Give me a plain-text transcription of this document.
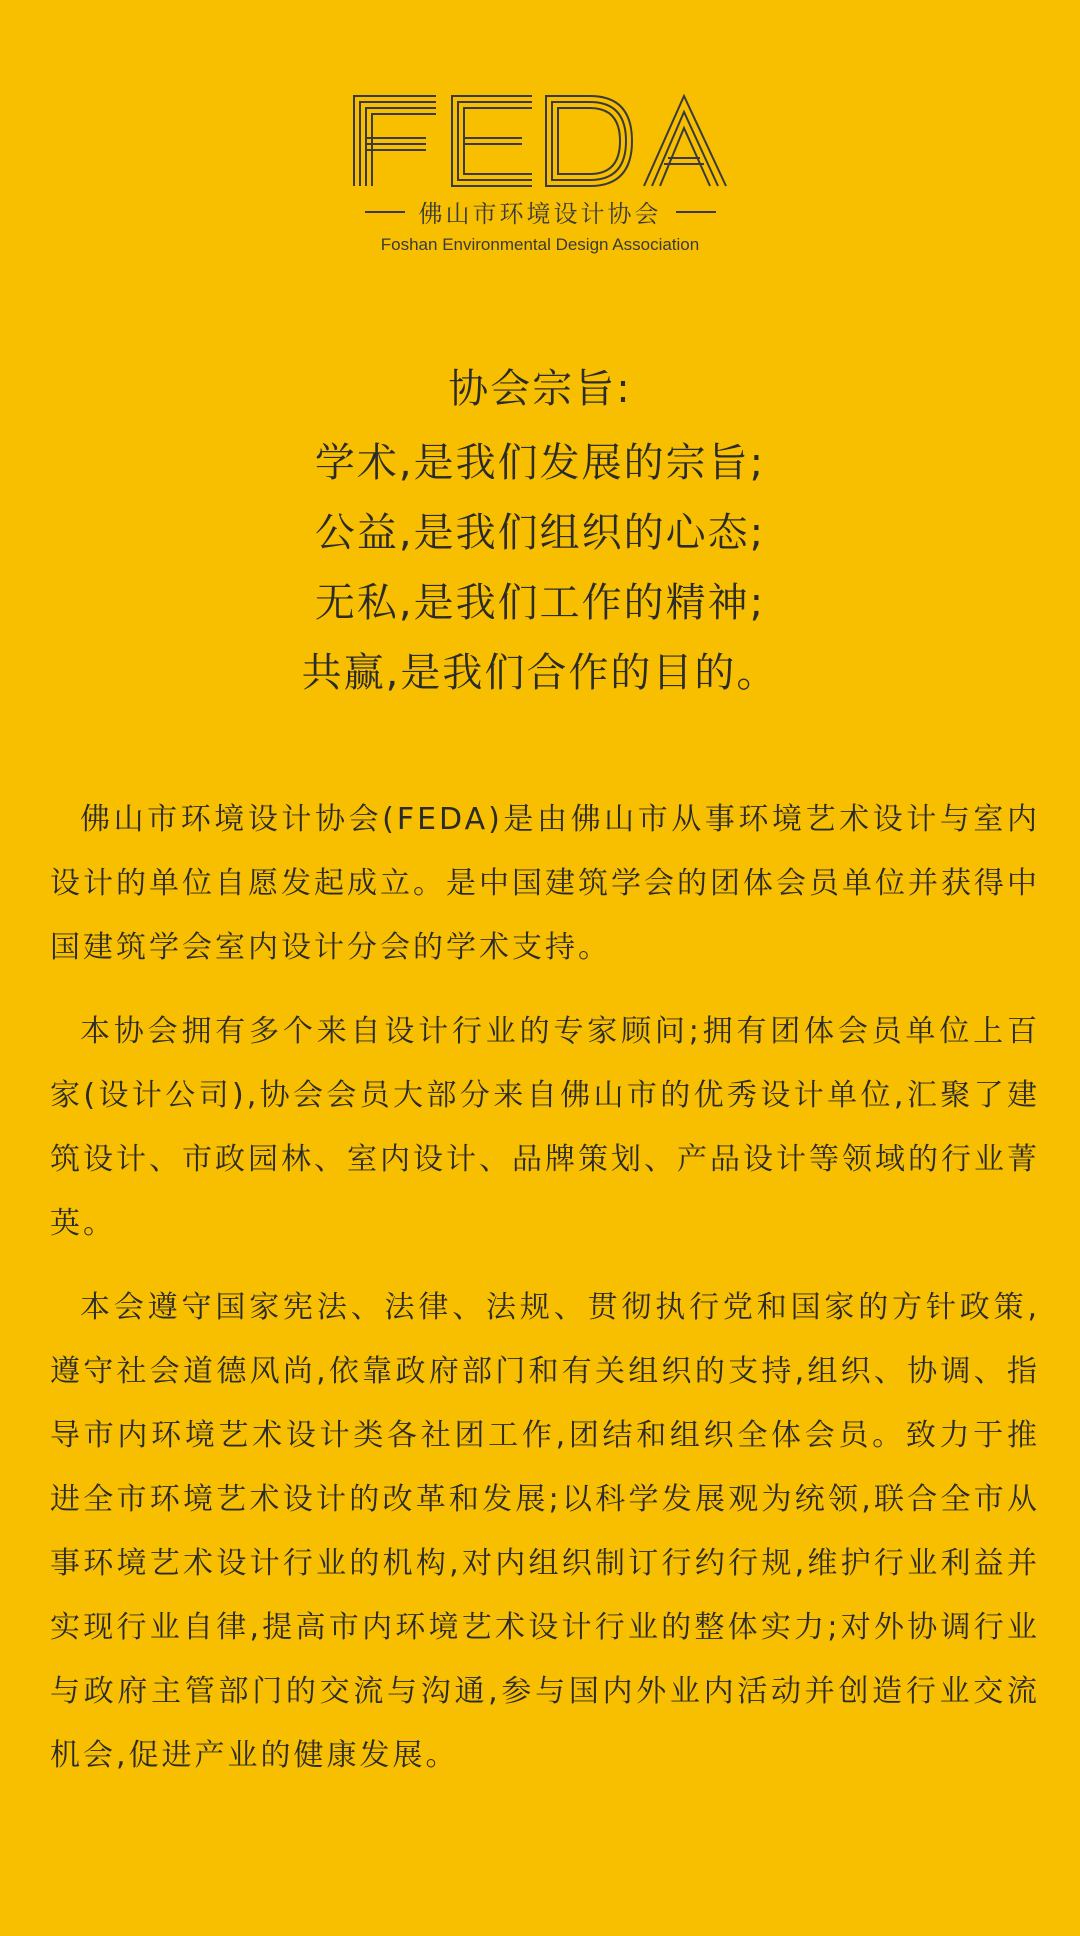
佛山市环境设计协会
Foshan Environmental Design Association
协会宗旨:
学术,是我们发展的宗旨;
公益,是我们组织的心态;
无私,是我们工作的精神;
共赢,是我们合作的目的。

佛山市环境设计协会(FEDA)是由佛山市从事环境艺术设计与室内设计的单位自愿发起成立。是中国建筑学会的团体会员单位并获得中国建筑学会室内设计分会的学术支持。

本协会拥有多个来自设计行业的专家顾问;拥有团体会员单位上百家(设计公司),协会会员大部分来自佛山市的优秀设计单位,汇聚了建筑设计、市政园林、室内设计、品牌策划、产品设计等领域的行业菁英。

本会遵守国家宪法、法律、法规、贯彻执行党和国家的方针政策,遵守社会道德风尚,依靠政府部门和有关组织的支持,组织、协调、指导市内环境艺术设计类各社团工作,团结和组织全体会员。致力于推进全市环境艺术设计的改革和发展;以科学发展观为统领,联合全市从事环境艺术设计行业的机构,对内组织制订行约行规,维护行业利益并实现行业自律,提高市内环境艺术设计行业的整体实力;对外协调行业与政府主管部门的交流与沟通,参与国内外业内活动并创造行业交流机会,促进产业的健康发展。
